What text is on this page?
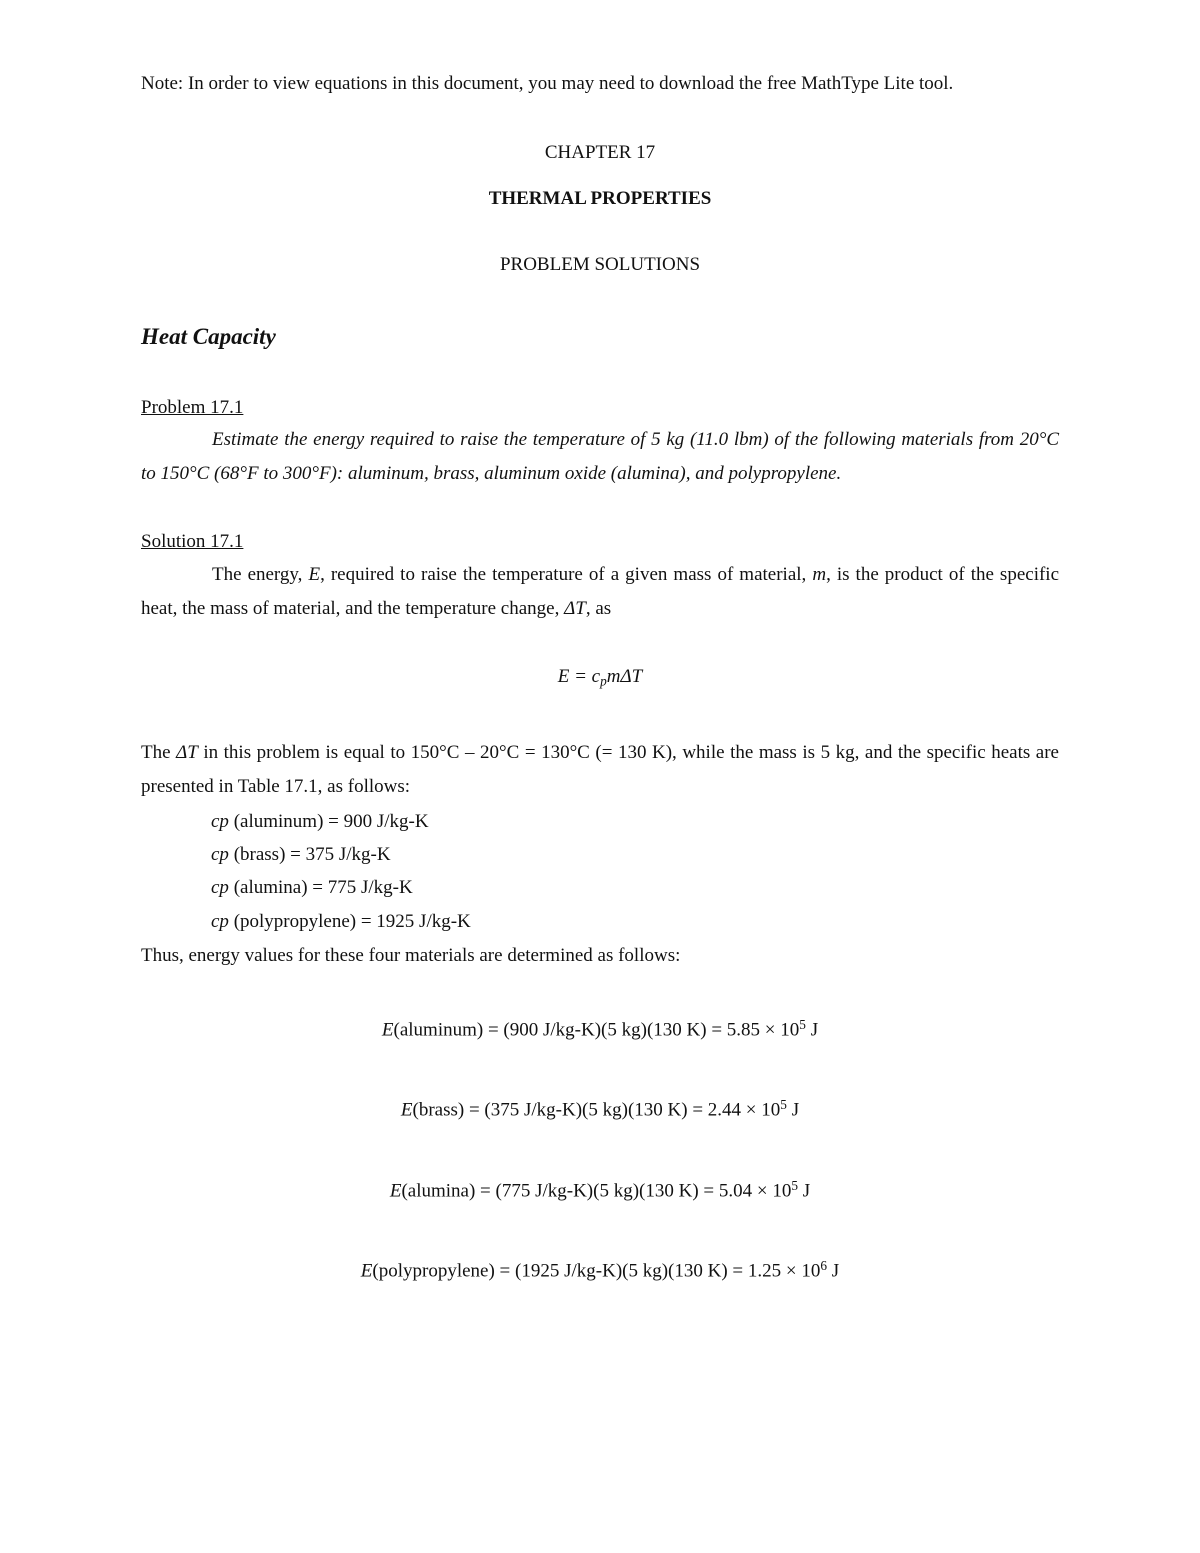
Note: In order to view equations in this document, you may need to download the free MathType Lite tool.
CHAPTER 17
THERMAL PROPERTIES
PROBLEM SOLUTIONS
Heat Capacity
Problem 17.1
Estimate the energy required to raise the temperature of 5 kg (11.0 lbm) of the following materials from 20°C to 150°C (68°F to 300°F): aluminum, brass, aluminum oxide (alumina), and polypropylene.
Solution 17.1
The energy, E, required to raise the temperature of a given mass of material, m, is the product of the specific heat, the mass of material, and the temperature change, ΔT, as
$E = c_pm\Delta T$
The ΔT in this problem is equal to 150°C – 20°C = 130°C (= 130 K), while the mass is 5 kg, and the specific heats are presented in Table 17.1, as follows:
cp (aluminum) = 900 J/kg-K
cp (brass) = 375 J/kg-K
cp (alumina) = 775 J/kg-K
cp (polypropylene) = 1925 J/kg-K
Thus, energy values for these four materials are determined as follows:
E(aluminum) = (900 J/kg-K)(5 kg)(130 $K) = 5.85 \times 10^5$ J
E(brass) = (375 J/kg-K)(5 kg)(130 $K) = 2.44 \times 10^5$ J
E(alumina) = (775 J/kg-K)(5 kg)(130 $K) = 5.04 \times 10^5$ J
E(polypropylene) = (1925 J/kg-K)(5 kg)(130 $K) = 1.25 \times 10^6$ J
